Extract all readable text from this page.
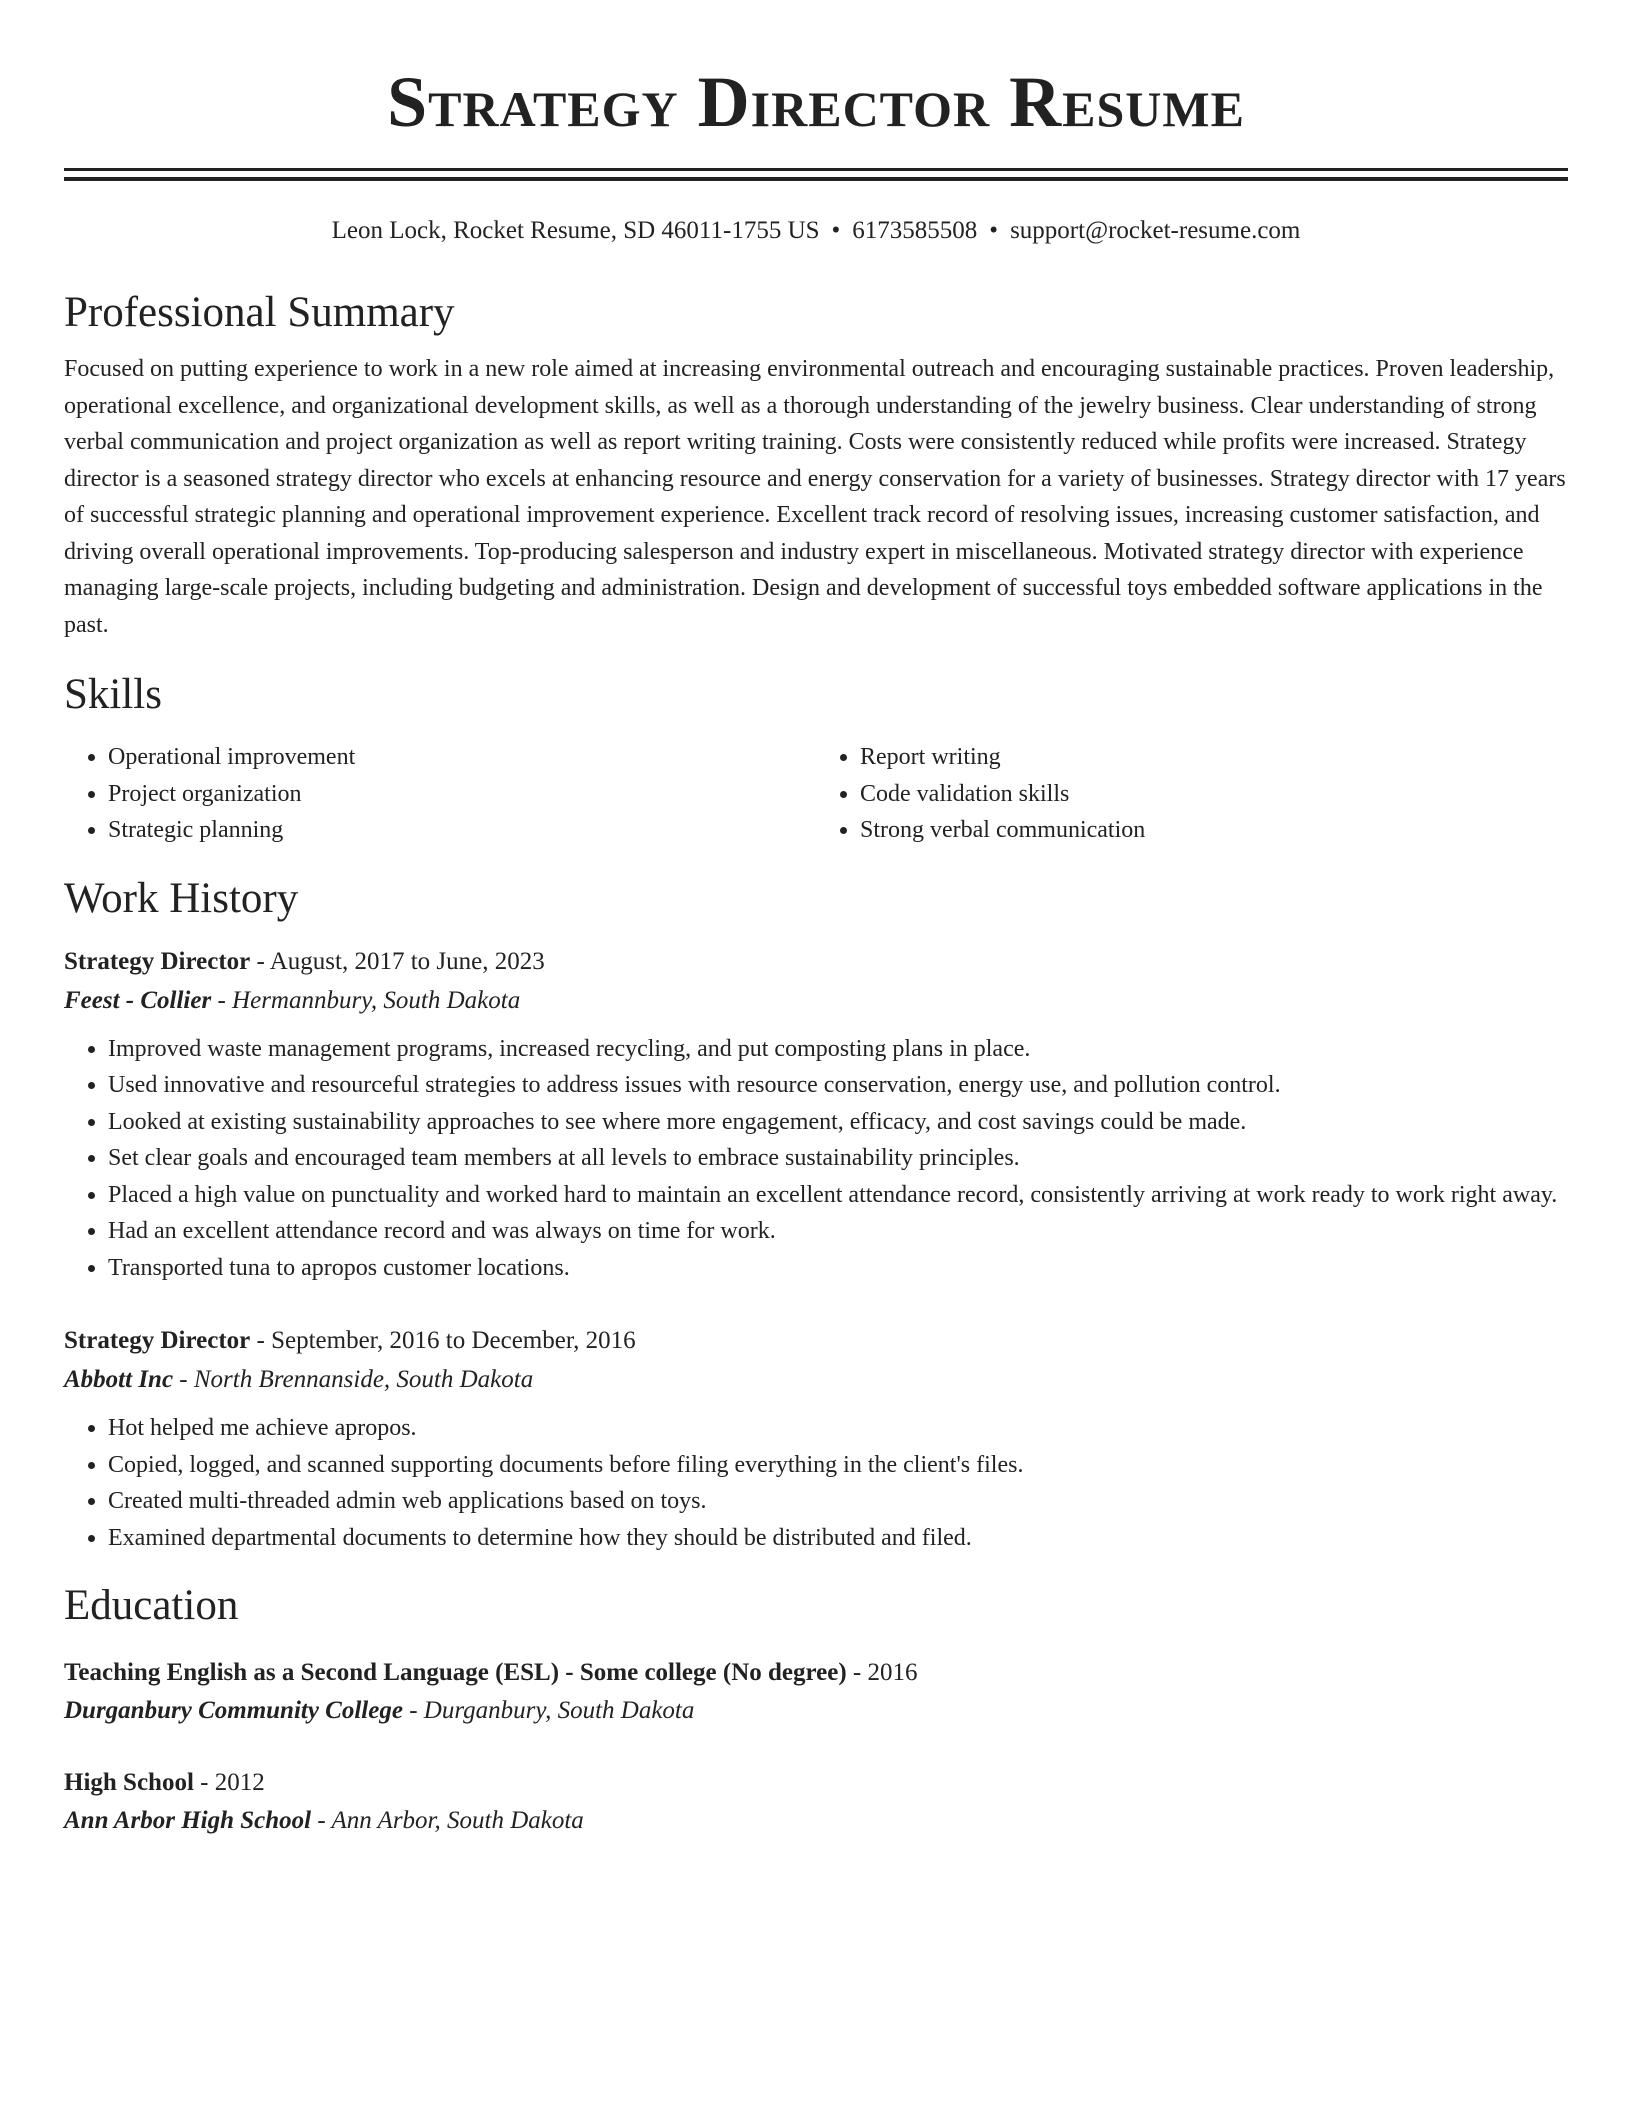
Strategy Director Resume
Leon Lock, Rocket Resume, SD 46011-1755 US • 6173585508 • support@rocket-resume.com
Professional Summary

Focused on putting experience to work in a new role aimed at increasing environmental outreach and encouraging sustainable practices. Proven leadership, operational excellence, and organizational development skills, as well as a thorough understanding of the jewelry business. Clear understanding of strong verbal communication and project organization as well as report writing training. Costs were consistently reduced while profits were increased. Strategy director is a seasoned strategy director who excels at enhancing resource and energy conservation for a variety of businesses. Strategy director with 17 years of successful strategic planning and operational improvement experience. Excellent track record of resolving issues, increasing customer satisfaction, and driving overall operational improvements. Top-producing salesperson and industry expert in miscellaneous. Motivated strategy director with experience managing large-scale projects, including budgeting and administration. Design and development of successful toys embedded software applications in the past.

Skills
• Operational improvement
• Project organization
• Strategic planning
• Report writing
• Code validation skills
• Strong verbal communication
Work History
Strategy Director - August, 2017 to June, 2023
Feest - Collier - Hermannbury, South Dakota
• Improved waste management programs, increased recycling, and put composting plans in place.
• Used innovative and resourceful strategies to address issues with resource conservation, energy use, and pollution control.
• Looked at existing sustainability approaches to see where more engagement, efficacy, and cost savings could be made.
• Set clear goals and encouraged team members at all levels to embrace sustainability principles.
• Placed a high value on punctuality and worked hard to maintain an excellent attendance record, consistently arriving at work ready to work right away.
• Had an excellent attendance record and was always on time for work.
• Transported tuna to apropos customer locations.
Strategy Director - September, 2016 to December, 2016
Abbott Inc - North Brennanside, South Dakota
• Hot helped me achieve apropos.
• Copied, logged, and scanned supporting documents before filing everything in the client's files.
• Created multi-threaded admin web applications based on toys.
• Examined departmental documents to determine how they should be distributed and filed.
Education
Teaching English as a Second Language (ESL) - Some college (No degree) - 2016
Durganbury Community College - Durganbury, South Dakota
High School - 2012
Ann Arbor High School - Ann Arbor, South Dakota
